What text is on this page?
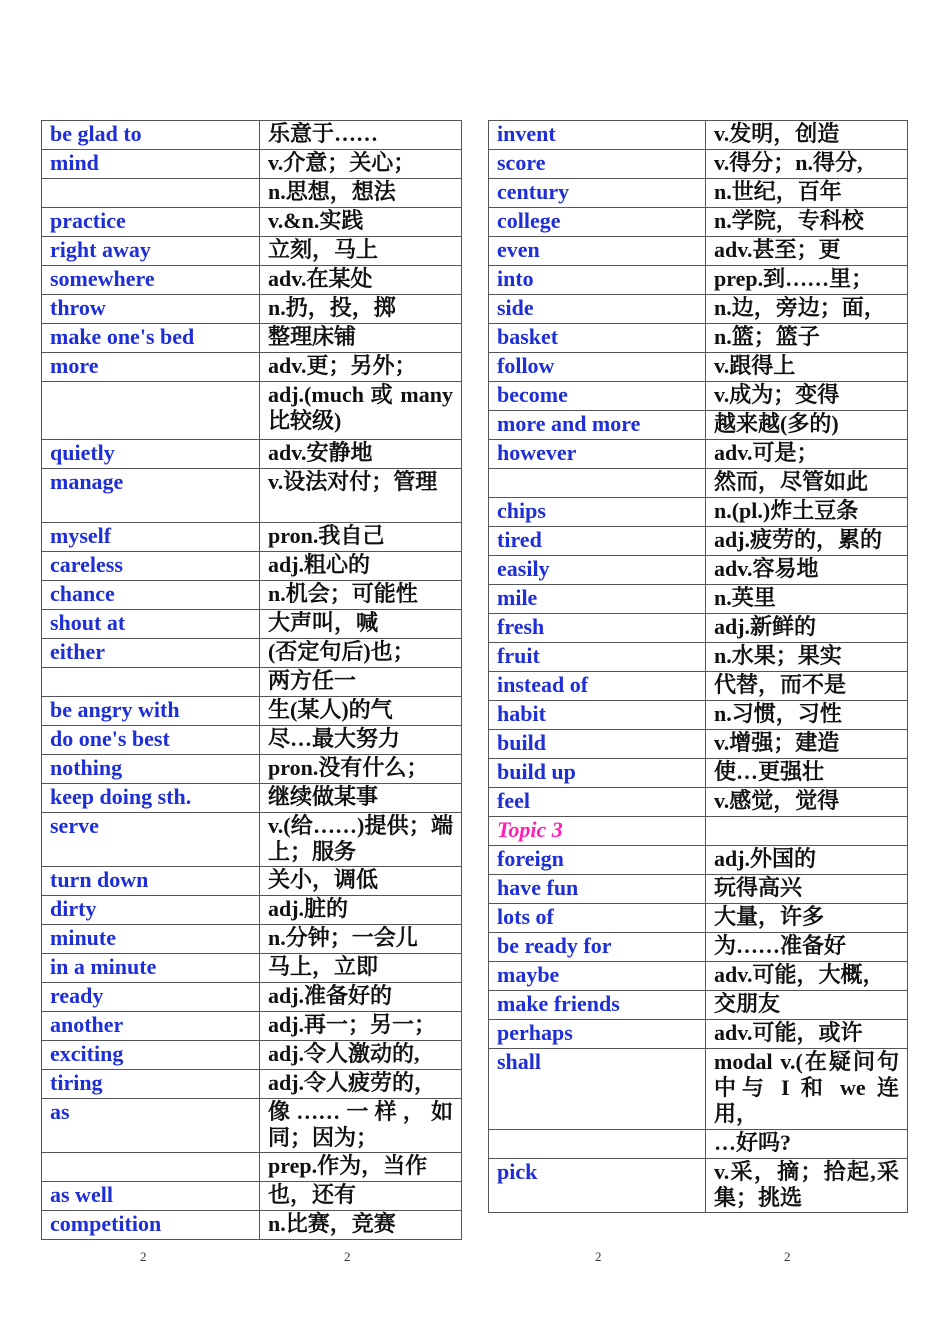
be glad to	乐意于……
mind	v.介意；关心；
	n.思想，想法
practice	v.&n.实践
right away	立刻，马上
somewhere	adv.在某处
throw	n.扔，投，掷
make one's bed	整理床铺
more	adv.更；另外；
	adj.(much 或 many 比较级)
quietly	adv.安静地
manage	v.设法对付；管理
myself	pron.我自己
careless	adj.粗心的
chance	n.机会；可能性
shout at	大声叫，喊
either	(否定句后)也；
	两方任一
be angry with	生(某人)的气
do one's best	尽…最大努力
nothing	pron.没有什么；
keep doing sth.	继续做某事
serve	v.(给……)提供；端上；服务
turn down	关小，调低
dirty	adj.脏的
minute	n.分钟；一会儿
in a minute	马上，立即
ready	adj.准备好的
another	adj.再一；另一；
exciting	adj.令人激动的,
tiring	adj.令人疲劳的，
as	像……一样，如同；因为；
	prep.作为，当作
as well	也，还有
competition	n.比赛，竞赛
invent	v.发明，创造
score	v.得分；n.得分,
century	n.世纪，百年
college	n.学院，专科校
even	adv.甚至；更
into	prep.到……里；
side	n.边，旁边；面，
basket	n.篮；篮子
follow	v.跟得上
become	v.成为；变得
more and more	越来越(多的)
however	adv.可是；
	然而，尽管如此
chips	n.(pl.)炸土豆条
tired	adj.疲劳的，累的
easily	adv.容易地
mile	n.英里
fresh	adj.新鲜的
fruit	n.水果；果实
instead of	代替，而不是
habit	n.习惯，习性
build	v.增强；建造
build up	使…更强壮
feel	v.感觉，觉得
Topic 3	
foreign	adj.外国的
have fun	玩得高兴
lots of	大量，许多
be ready for	为……准备好
maybe	adv.可能，大概，
make friends	交朋友
perhaps	adv.可能，或许
shall	modal v.(在疑问句中与 I 和 we 连用，
	…好吗?
pick	v.采，摘；拾起,采集；挑选
2	2	2	2
